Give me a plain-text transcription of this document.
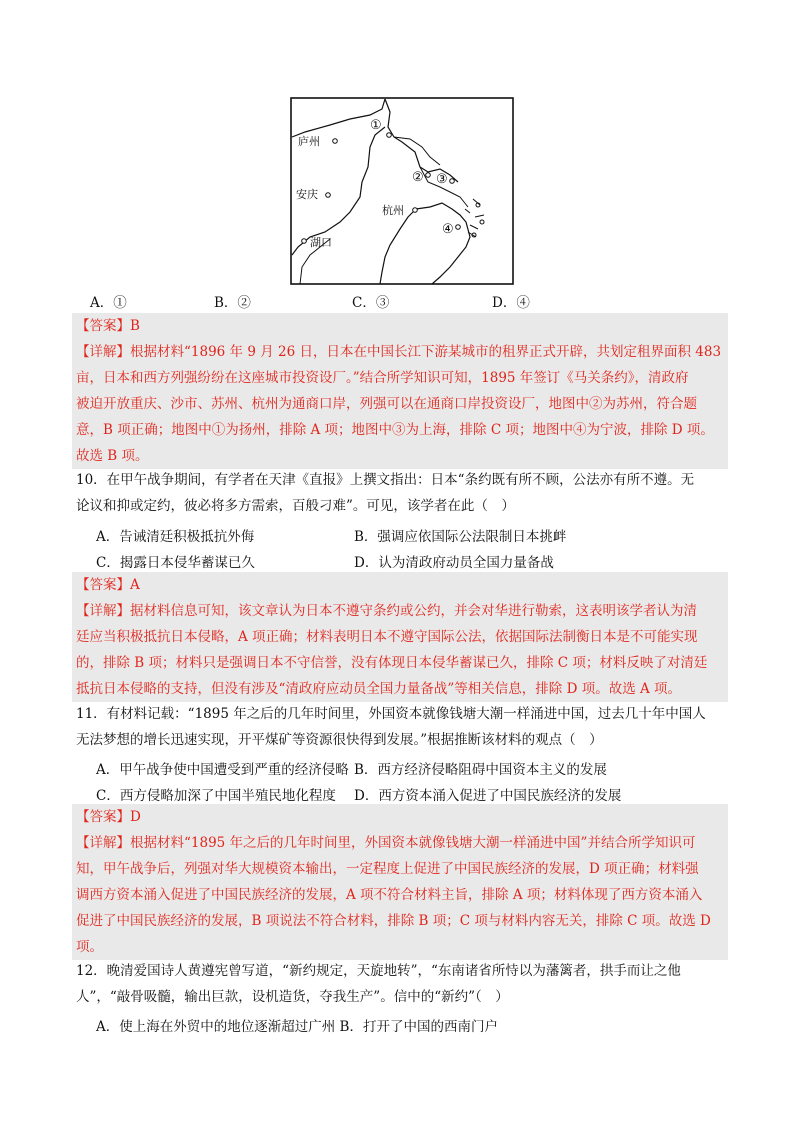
庐州
安庆
湖口
杭州
①
② ③
④
A．①	B．②	C．③	D．④
【答案】B
【详解】根据材料“1896 年 9 月 26 日，日本在中国长江下游某城市的租界正式开辟，共划定租界面积 483
亩，日本和西方列强纷纷在这座城市投资设厂。”结合所学知识可知，1895 年签订《马关条约》，清政府
被迫开放重庆、沙市、苏州、杭州为通商口岸，列强可以在通商口岸投资设厂，地图中②为苏州，符合题
意，B 项正确；地图中①为扬州，排除 A 项；地图中③为上海，排除 C 项；地图中④为宁波，排除 D 项。
故选 B 项。
10．在甲午战争期间，有学者在天津《直报》上撰文指出：日本“条约既有所不顾，公法亦有所不遵。无
论议和抑或定约，彼必将多方需索，百般刁难”。可见，该学者在此（　）
A．告诫清廷积极抵抗外侮	B．强调应依国际公法限制日本挑衅
C．揭露日本侵华蓄谋已久	D．认为清政府动员全国力量备战
【答案】A
【详解】据材料信息可知，该文章认为日本不遵守条约或公约，并会对华进行勒索，这表明该学者认为清
廷应当积极抵抗日本侵略，A 项正确；材料表明日本不遵守国际公法，依据国际法制衡日本是不可能实现
的，排除 B 项；材料只是强调日本不守信誉，没有体现日本侵华蓄谋已久，排除 C 项；材料反映了对清廷
抵抗日本侵略的支持，但没有涉及“清政府应动员全国力量备战”等相关信息，排除 D 项。故选 A 项。
11．有材料记载：“1895 年之后的几年时间里，外国资本就像钱塘大潮一样涌进中国，过去几十年中国人
无法梦想的增长迅速实现，开平煤矿等资源很快得到发展。”根据推断该材料的观点（　）
A．甲午战争使中国遭受到严重的经济侵略 B．西方经济侵略阻碍中国资本主义的发展
C．西方侵略加深了中国半殖民地化程度 D．西方资本涌入促进了中国民族经济的发展
【答案】D
【详解】根据材料“1895 年之后的几年时间里，外国资本就像钱塘大潮一样涌进中国”并结合所学知识可
知，甲午战争后，列强对华大规模资本输出，一定程度上促进了中国民族经济的发展，D 项正确；材料强
调西方资本涌入促进了中国民族经济的发展，A 项不符合材料主旨，排除 A 项；材料体现了西方资本涌入
促进了中国民族经济的发展，B 项说法不符合材料，排除 B 项；C 项与材料内容无关，排除 C 项。故选 D
项。
12．晚清爱国诗人黄遵宪曾写道，“新约规定，天旋地转”，“东南诸省所恃以为藩篱者，拱手而让之他
人”，“敲骨吸髓，输出巨款，设机造货，夺我生产”。信中的“新约”（　）
A．使上海在外贸中的地位逐渐超过广州 B．打开了中国的西南门户
